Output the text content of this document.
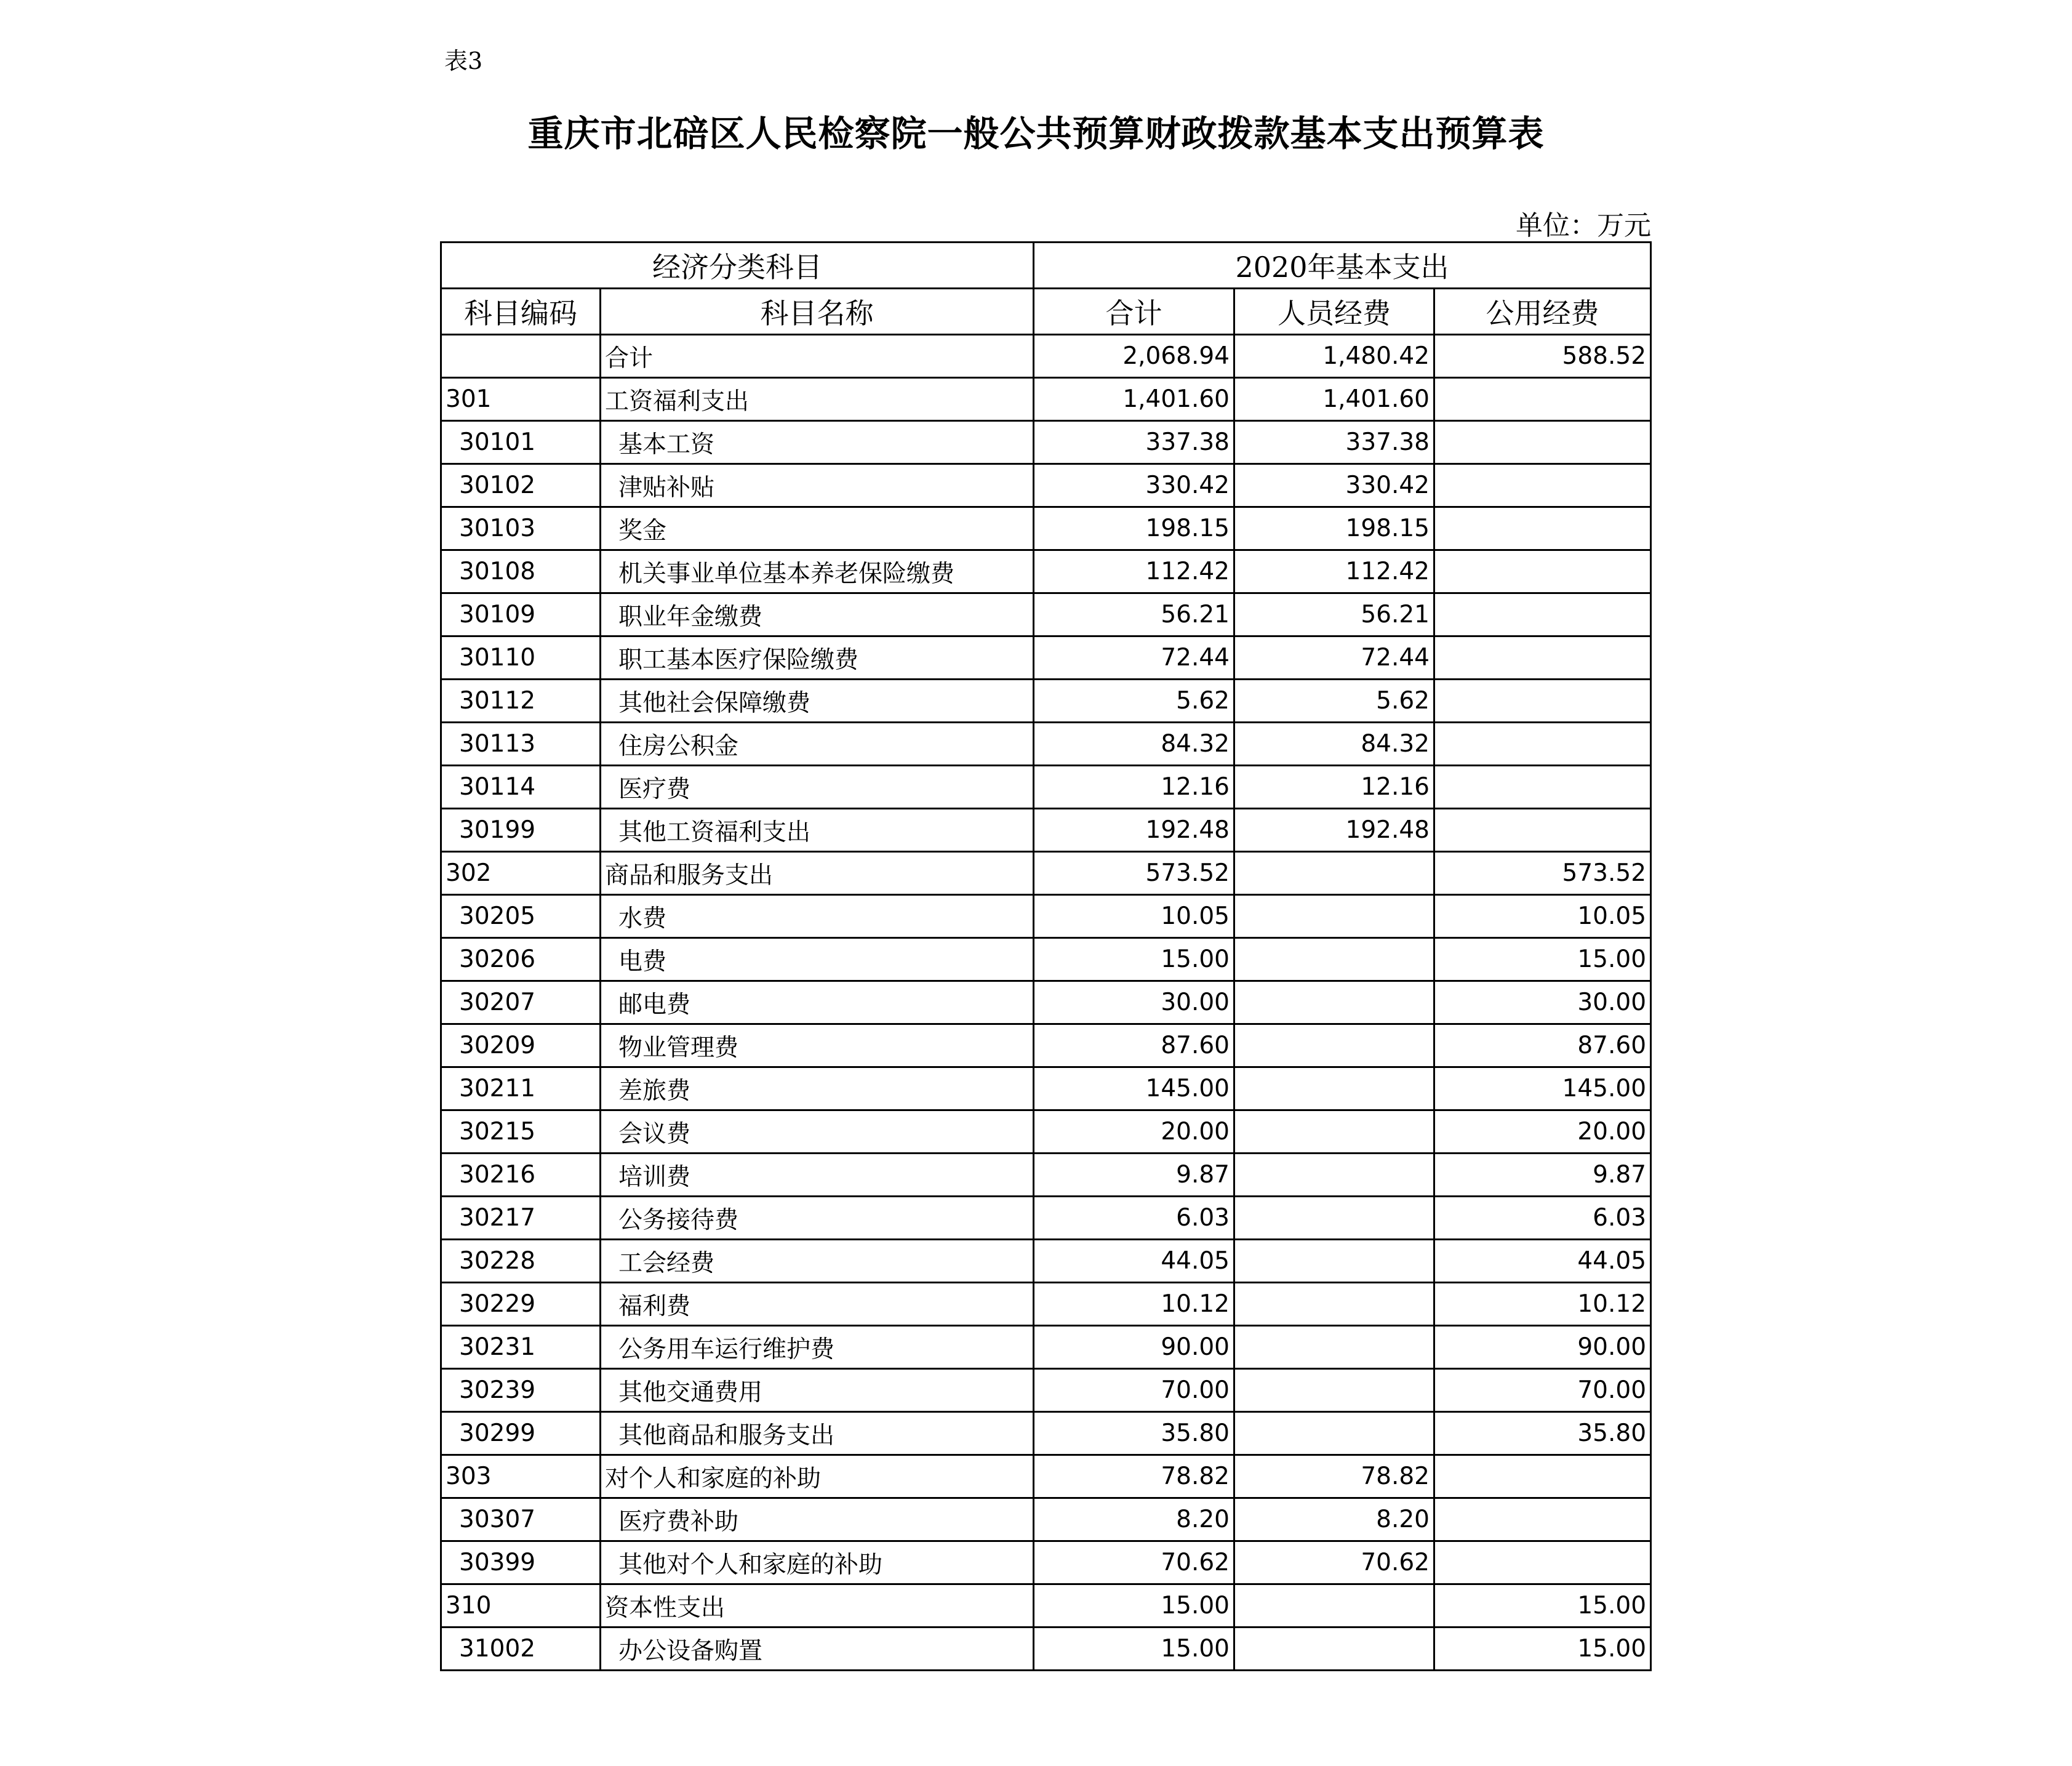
表3
重庆市北碚区人民检察院一般公共预算财政拨款基本支出预算表
单位：万元
经济分类科目		2020年基本支出		
科目编码	科目名称	合计	人员经费	公用经费
	合计	2,068.94	1,480.42	588.52
301	工资福利支出	1,401.60	1,401.60	
30101	基本工资	337.38	337.38	
30102	津贴补贴	330.42	330.42	
30103	奖金	198.15	198.15	
30108	机关事业单位基本养老保险缴费	112.42	112.42	
30109	职业年金缴费	56.21	56.21	
30110	职工基本医疗保险缴费	72.44	72.44	
30112	其他社会保障缴费	5.62	5.62	
30113	住房公积金	84.32	84.32	
30114	医疗费	12.16	12.16	
30199	其他工资福利支出	192.48	192.48	
302	商品和服务支出	573.52		573.52
30205	水费	10.05		10.05
30206	电费	15.00		15.00
30207	邮电费	30.00		30.00
30209	物业管理费	87.60		87.60
30211	差旅费	145.00		145.00
30215	会议费	20.00		20.00
30216	培训费	9.87		9.87
30217	公务接待费	6.03		6.03
30228	工会经费	44.05		44.05
30229	福利费	10.12		10.12
30231	公务用车运行维护费	90.00		90.00
30239	其他交通费用	70.00		70.00
30299	其他商品和服务支出	35.80		35.80
303	对个人和家庭的补助	78.82	78.82	
30307	医疗费补助	8.20	8.20	
30399	其他对个人和家庭的补助	70.62	70.62	
310	资本性支出	15.00		15.00
31002	办公设备购置	15.00		15.00
